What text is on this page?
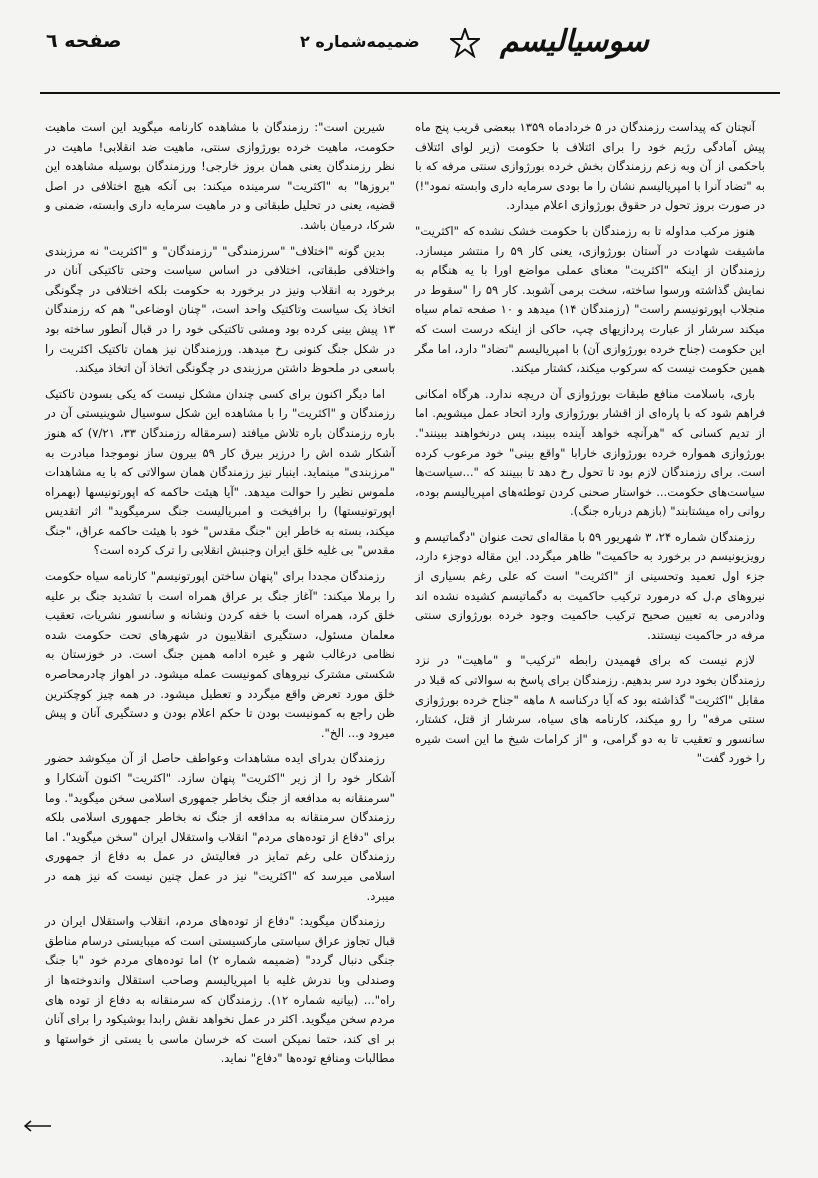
صفحه ٦	ضمیمه‌شماره ۲	سوسیالیسم

آنچنان که پیداست رزمندگان در ۵ خردادماه ۱۳۵۹ ببعضی قریب پنج ماه پیش آمادگی رژیم خود را برای ائتلاف با حکومت (زیر لوای ائتلاف باحکمی از آن وبه زعم رزمندگان بخش خرده بورژوازی سنتی مرفه که با به "تضاد آنرا با امپریالیسم نشان را ما بودی سرمایه داری وابسته نمود"!) در صورت بروز تحول در حقوق بورژوازی اعلام میدارد.

هنوز مرکب مداوله تا به رزمندگان با حکومت خشک نشده که "اکثریت" ماشیفت شهادت در آستان بورژوازی، یعنی کار ۵۹ را منتشر میسازد. رزمندگان از اینکه "اکثریت" معنای عملی مواضع اورا با یه هنگام به نمایش گذاشته ورسوا ساخته، سخت برمی آشوبد. کار ۵۹ را "سقوط در منجلاب اپورتونیسم راست" (رزمندگان ۱۴) میدهد و ۱۰ صفحه تمام سیاه میکند سرشار از عبارت پردازیهای چپ، حاکی از اینکه درست است که این حکومت (جناح خرده بورژوازی آن) با امپریالیسم "تضاد" دارد، اما مگر همین حکومت نیست که سرکوب میکند، کشتار میکند.

باری، باسلامت منافع طبقات بورژوازی آن دریچه ندارد. هرگاه امکانی فراهم شود که با پاره‌ای از اقشار بورژوازی وارد اتحاد عمل میشویم. اما از تدیم کسانی که "هرآنچه خواهد آینده ببیند، پس درنخواهند ببینند". بورژوازی همواره خرده بورژوازی خارابا "واقع بینی" خود مرعوب کرده است. برای رزمندگان لازم بود تا تحول رخ دهد تا ببینند که "...سیاست‌ها سیاست‌های حکومت... خواستار صحنی کردن توطئه‌های امپریالیسم بوده، روانی راه میشتابند" (بازهم درباره جنگ).

رزمندگان شماره ۲۴، ۳ شهریور ۵۹ با مقاله‌ای تحت عنوان "دگماتیسم و رویزیونیسم در برخورد به حاکمیت" ظاهر میگردد. این مقاله دوجزء دارد، جزء اول تعمید وتحسینی از "اکثریت" است که علی رغم بسیاری از نیروهای م.ل که درمورد ترکیب حاکمیت به دگماتیسم کشیده نشده اند ودادرمی به تعیین صحیح ترکیب حاکمیت وجود خرده بورژوازی سنتی مرفه در حاکمیت نیستند.

لازم نیست که برای فهمیدن رابطه "ترکیب" و "ماهیت" در نزد رزمندگان بخود درد سر بدهیم. رزمندگان برای پاسخ به سوالاتی که قبلا در مقابل "اکثریت" گذاشته بود که آیا درکناسه ۸ ماهه "جناح خرده بورژوازی سنتی مرفه" را رو میکند، کارنامه های سیاه، سرشار از قتل، کشتار، سانسور و تعقیب تا به دو گرامی، و "از کرامات شیخ ما این است شیره را خورد گفت"

شیرین است": رزمندگان با مشاهده کارنامه میگوید این است ماهیت حکومت، ماهیت خرده بورژوازی سنتی، ماهیت ضد انقلابی! ماهیت در نظر رزمندگان یعنی همان بروز خارجی! ورزمندگان بوسیله مشاهده این "بروزها" به "اکثریت" سرمینده میکند: بی آنکه هیچ اختلافی در اصل قضیه، یعنی در تحلیل طبقاتی و در ماهیت سرمایه داری وابسته، ضمنی و شرکا، درمیان باشد.

بدین گونه "اختلاف" "سرزمندگی" "رزمندگان" و "اکثریت" نه مرزبندی واختلافی طبقاتی، اختلافی در اساس سیاست وحتی تاکتیکی آنان در برخورد به انقلاب ونیز در برخورد به حکومت بلکه اختلافی در چگونگی اتخاذ یک سیاست وتاکتیک واحد است، "چنان اوضاعی" هم که رزمندگان ۱۳ پیش بینی کرده بود ومشی تاکتیکی خود را در قبال آنطور ساخته بود در شکل جنگ کنونی رخ میدهد. ورزمندگان نیز همان تاکتیک اکثریت را باسعی در ملحوظ داشتن مرزبندی در چگونگی اتخاذ آن اتخاذ میکند.

اما دیگر اکنون برای کسی چندان مشکل نیست که یکی بسودن تاکتیک رزمندگان و "اکثریت" را با مشاهده این شکل سوسیال شوینیستی آن در باره رزمندگان باره تلاش میافتد (سرمقاله رزمندگان ۳۳، ۷/۲۱) که هنوز آشکار شده اش را درزیر بیرق کار ۵۹ بیرون ساز نوموجدا مبادرت به "مرزبندی" مینماید. اینبار نیز رزمندگان همان سوالاتی که با یه مشاهدات ملموس نظیر را حوالت میدهد. "آیا هیئت حاکمه که اپورتونیسها (بهمراه اپورتونیستها) را برافیخت و امبریالیست جنگ سرمیگوید" اثر اتقدیس میکند، بسته به خاطر این "جنگ مقدس" خود با هیئت حاکمه عراق، "جنگ مقدس" بی غلیه خلق ایران وجنبش انقلابی را ترک کرده است؟

رزمندگان مجددا برای "پنهان ساختن اپورتونیسم" کارنامه سیاه حکومت را برملا میکند: "آغاز جنگ بر عراق همراه است با تشدید جنگ بر علیه خلق کرد، همراه است با خفه کردن ونشانه و سانسور نشریات، تعقیب معلمان مسئول، دستگیری انقلابیون در شهرهای تحت حکومت شده نظامی درغالب شهر و غیره ادامه همین جنگ است. در خوزستان به شکستی مشترک نیروهای کمونیست عمله میشود. در اهواز چادرمحاصره خلق مورد تعرض واقع میگردد و تعطیل میشود. در همه چیز کوچکترین ظن راجع به کمونیست بودن تا حکم اعلام بودن و دستگیری آنان و پیش میرود و... الخ".

رزمندگان بدرای ایده مشاهدات وعواطف حاصل از آن میکوشد حضور آشکار خود را از زیر "اکثریت" پنهان سازد. "اکثریت" اکنون آشکارا و "سرمنقانه به مدافعه از جنگ بخاطر جمهوری اسلامی سخن میگوید". وما رزمندگان سرمنقانه به مدافعه از جنگ نه بخاطر جمهوری اسلامی بلکه برای "دفاع از توده‌های مردم" انقلاب واستقلال ایران "سخن میگوید". اما رزمندگان علی رغم تمایز در فعالیتش در عمل به دفاع از جمهوری اسلامی میرسد که "اکثریت" نیز در عمل چنین نیست که نیز همه در میبرد.

رزمندگان میگوید: "دفاع از توده‌های مردم، انقلاب واستقلال ایران در قبال تجاوز عراق سیاستی مارکسیستی است که میبایستی درسام مناطق جنگی دنبال گردد" (ضمیمه شماره ۲) اما توده‌های مردم خود "با جنگ وصندلی وبا ندرش غلیه با امپریالیسم وصاحب استقلال واندوخته‌ها از راه"... (بیانیه شماره ۱۲). رزمندگان که سرمنقانه به دفاع از توده های مردم سخن میگوید. اکثر در عمل نخواهد نقش رابدا بوشیکود را برای آنان بر ای کند، حتما نمیکن است که خرسان ماسی با یستی از خواستها و مطالبات ومنافع توده‌ها "دفاع" نماید.
